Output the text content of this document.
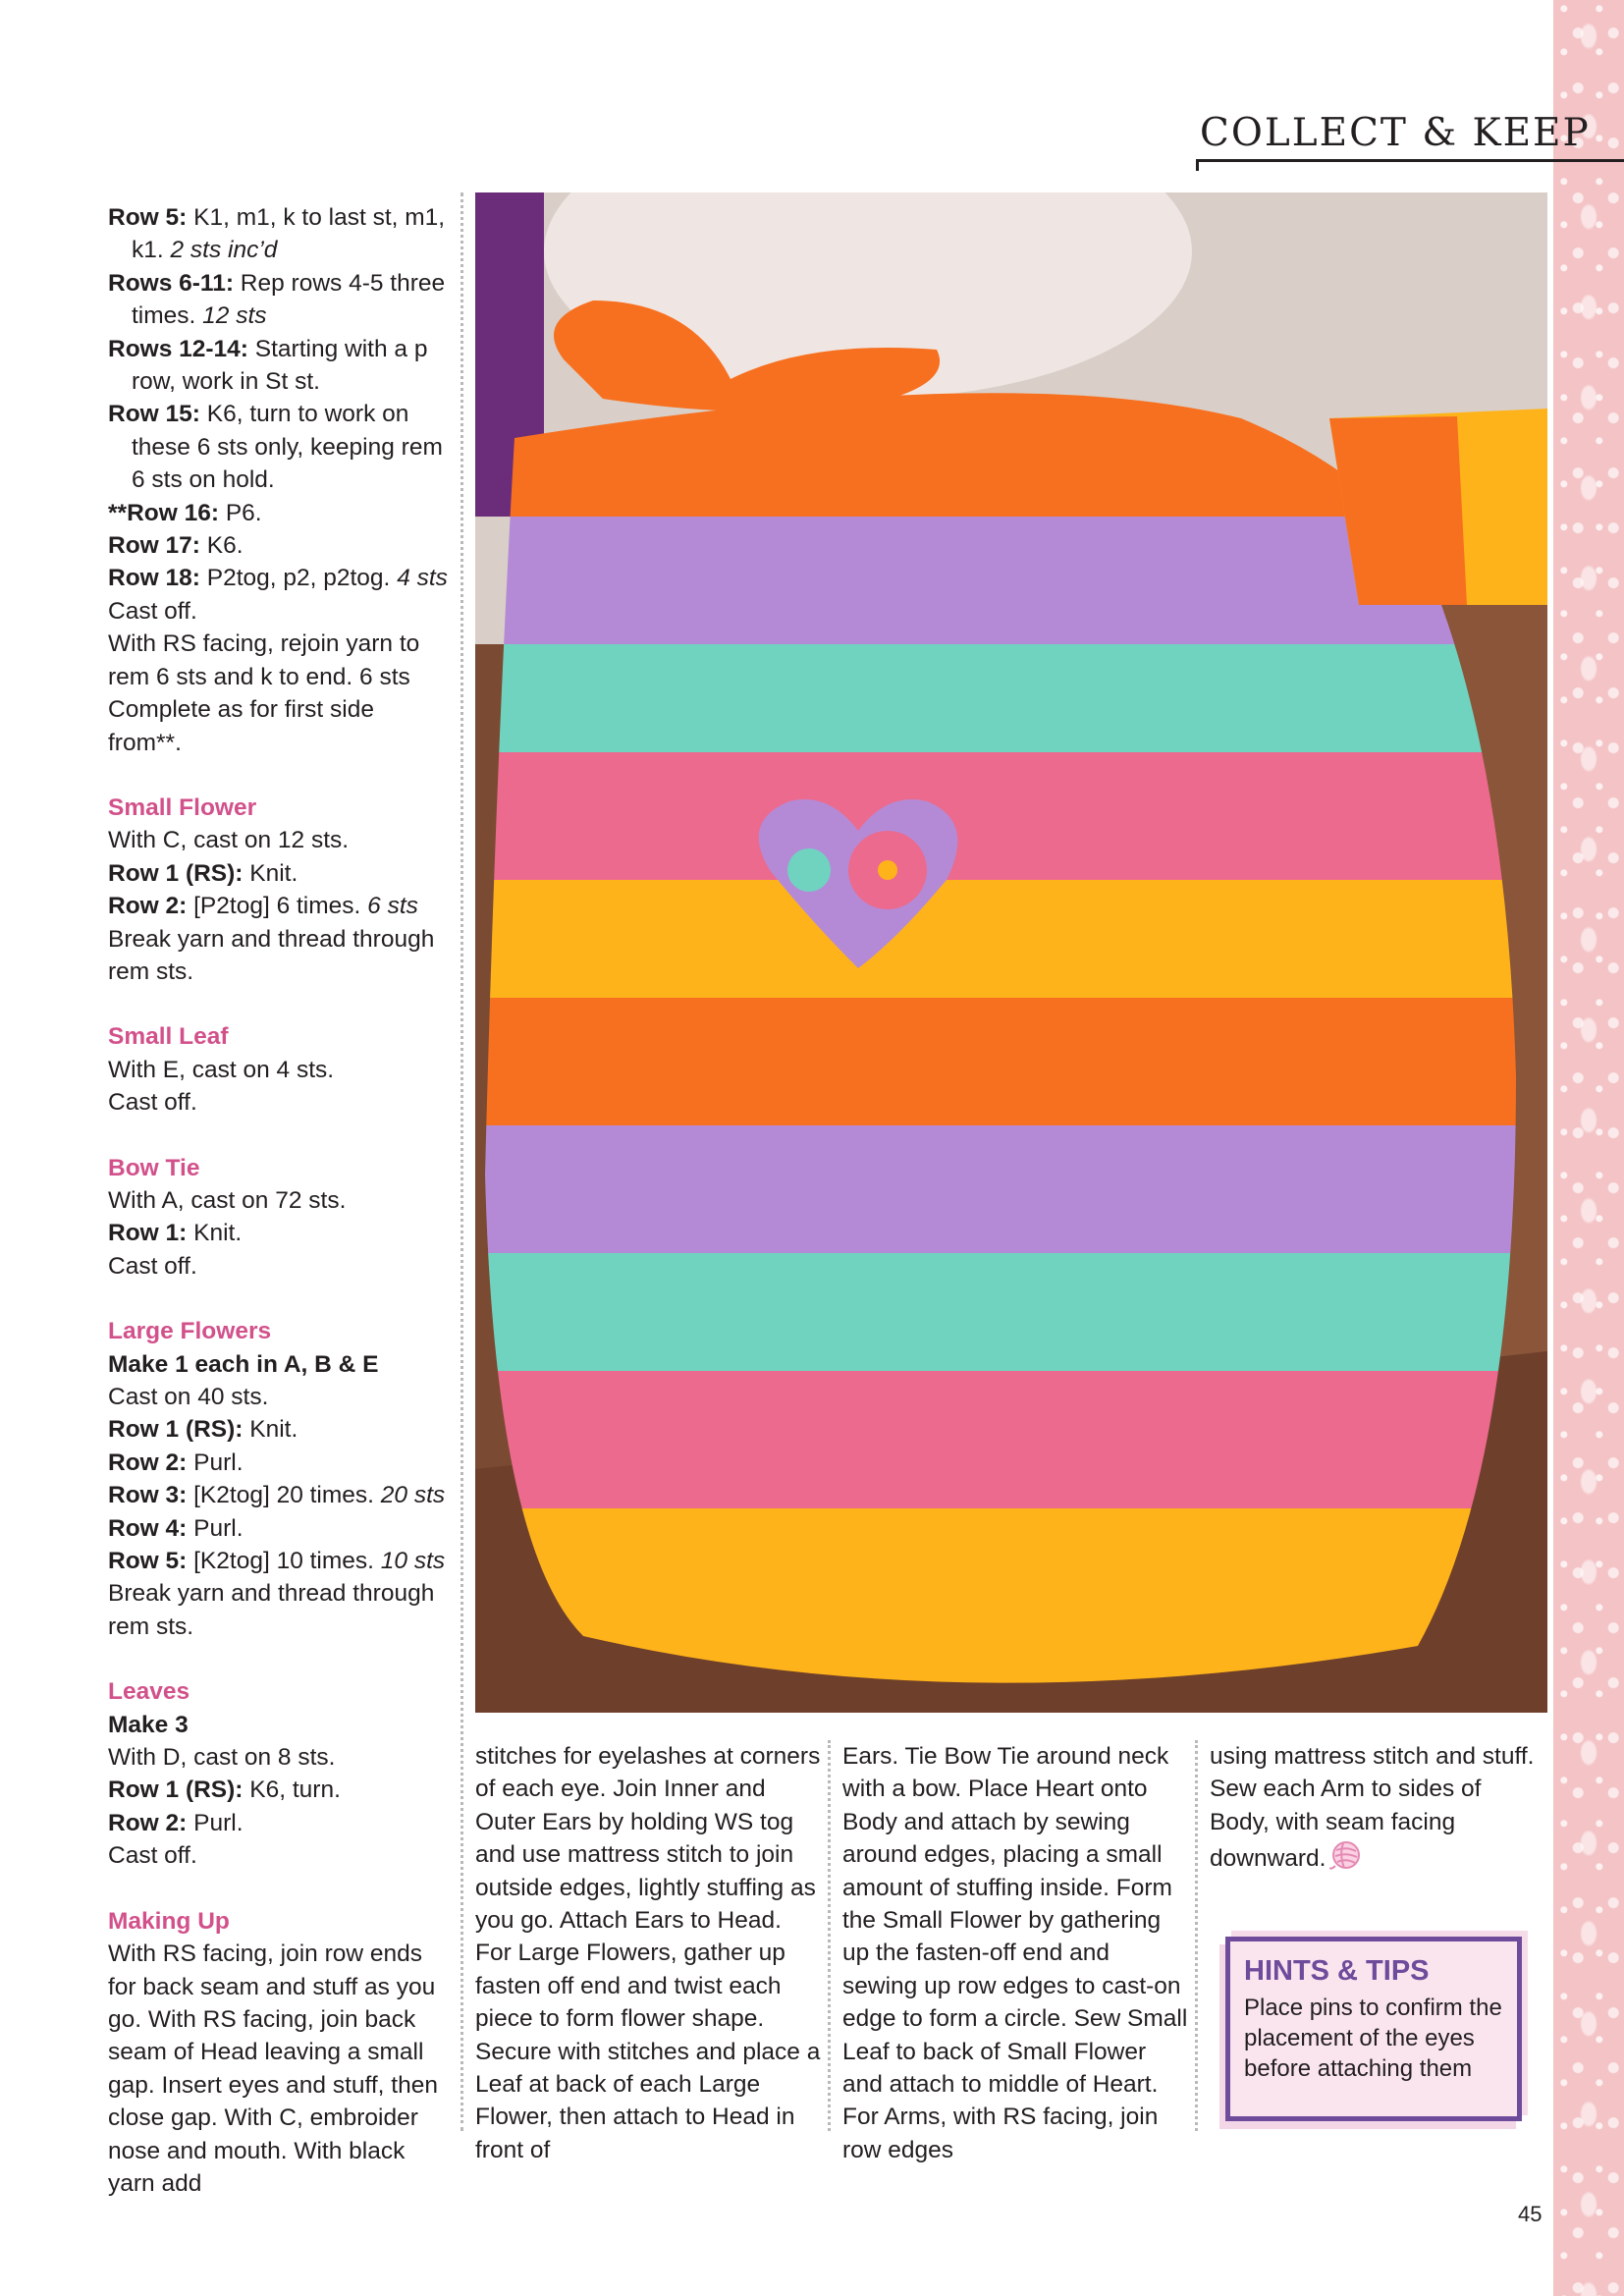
COLLECT & KEEP

Row 5: K1, m1, k to last st, m1, k1. 2 sts inc’d

Rows 6-11: Rep rows 4-5 three times. 12 sts

Rows 12-14: Starting with a p row, work in St st.

Row 15: K6, turn to work on these 6 sts only, keeping rem 6 sts on hold.

**Row 16: P6.

Row 17: K6.

Row 18: P2tog, p2, p2tog. 4 sts

Cast off.

With RS facing, rejoin yarn to rem 6 sts and k to end. 6 sts

Complete as for first side from**.

Small Flower

With C, cast on 12 sts.

Row 1 (RS): Knit.

Row 2: [P2tog] 6 times. 6 sts

Break yarn and thread through rem sts.

Small Leaf

With E, cast on 4 sts.

Cast off.

Bow Tie

With A, cast on 72 sts.

Row 1: Knit.

Cast off.

Large Flowers

Make 1 each in A, B & E

Cast on 40 sts.

Row 1 (RS): Knit.

Row 2: Purl.

Row 3: [K2tog] 20 times. 20 sts

Row 4: Purl.

Row 5: [K2tog] 10 times. 10 sts

Break yarn and thread through rem sts.

Leaves

Make 3

With D, cast on 8 sts.

Row 1 (RS): K6, turn.

Row 2: Purl.

Cast off.

Making Up

With RS facing, join row ends for back seam and stuff as you go. With RS facing, join back seam of Head leaving a small gap. Insert eyes and stuff, then close gap. With C, embroider nose and mouth. With black yarn add

stitches for eyelashes at corners of each eye. Join Inner and Outer Ears by holding WS tog and use mattress stitch to join outside edges, lightly stuffing as you go. Attach Ears to Head. For Large Flowers, gather up fasten off end and twist each piece to form flower shape. Secure with stitches and place a Leaf at back of each Large Flower, then attach to Head in front of

Ears. Tie Bow Tie around neck with a bow. Place Heart onto Body and attach by sewing around edges, placing a small amount of stuffing inside. Form the Small Flower by gathering up the fasten-off end and sewing up row edges to cast-on edge to form a circle. Sew Small Leaf to back of Small Flower and attach to middle of Heart. For Arms, with RS facing, join row edges

using mattress stitch and stuff. Sew each Arm to sides of Body, with seam facing downward.

HINTS & TIPS
Place pins to confirm the placement of the eyes before attaching them
45
